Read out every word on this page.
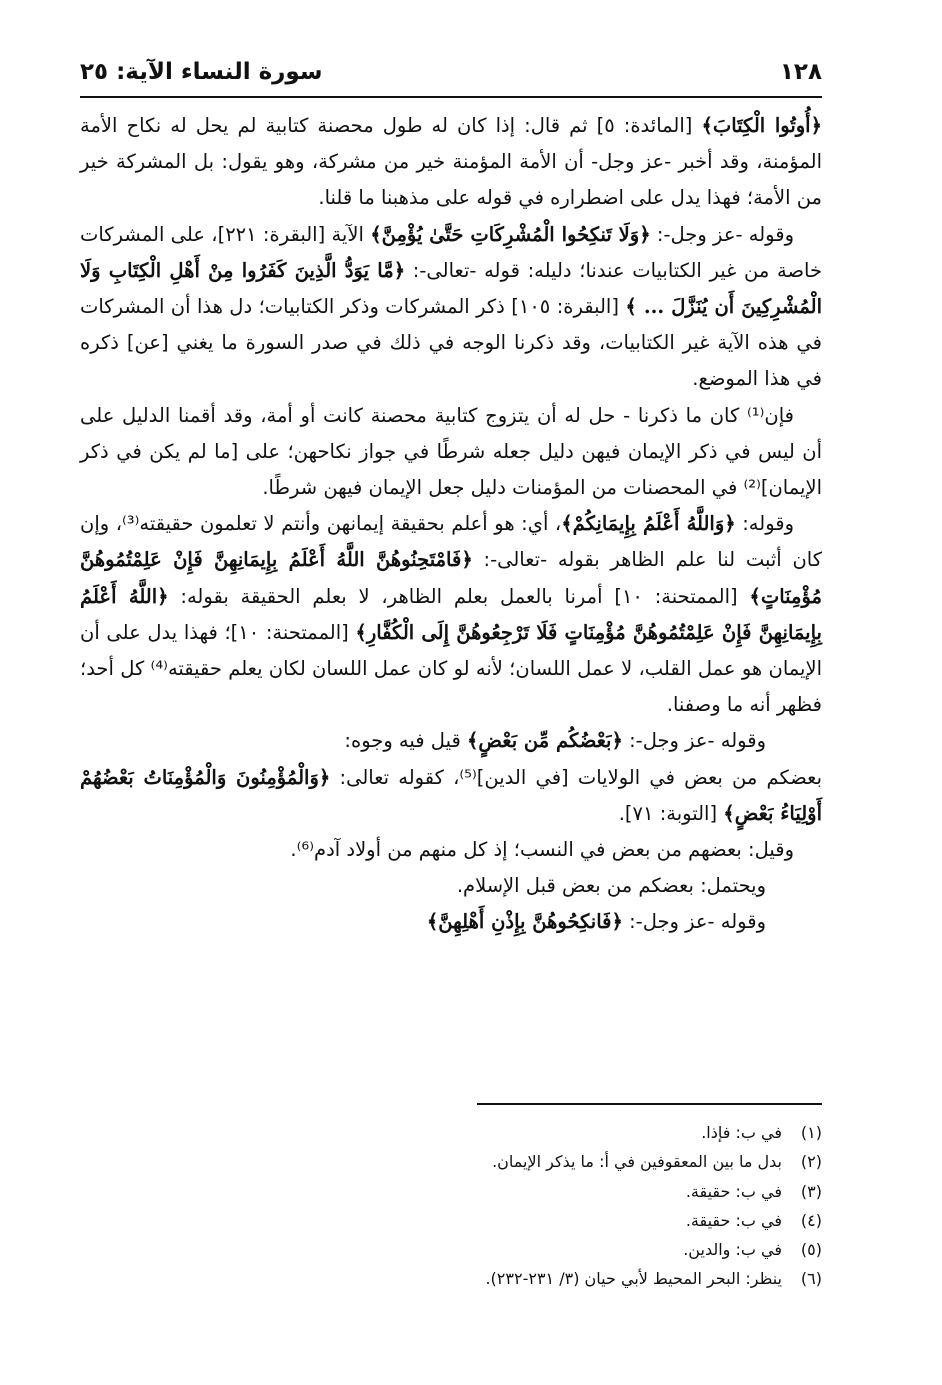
١٢٨
سورة النساء الآية: ٢٥

﴿أُوتُوا الْكِتَابَ﴾ [المائدة: ٥] ثم قال: إذا كان له طول محصنة كتابية لم يحل له نكاح الأمة المؤمنة، وقد أخبر -عز وجل- أن الأمة المؤمنة خير من مشركة، وهو يقول: بل المشركة خير من الأمة؛ فهذا يدل على اضطراره في قوله على مذهبنا ما قلنا.

وقوله -عز وجل-: ﴿وَلَا تَنكِحُوا الْمُشْرِكَاتِ حَتَّىٰ يُؤْمِنَّ﴾ الآية [البقرة: ٢٢١]، على المشركات خاصة من غير الكتابيات عندنا؛ دليله: قوله -تعالى-: ﴿مَّا يَوَدُّ الَّذِينَ كَفَرُوا مِنْ أَهْلِ الْكِتَابِ وَلَا الْمُشْرِكِينَ أَن يُنَزَّلَ ... ﴾ [البقرة: ١٠٥] ذكر المشركات وذكر الكتابيات؛ دل هذا أن المشركات في هذه الآية غير الكتابيات، وقد ذكرنا الوجه في ذلك في صدر السورة ما يغني [عن] ذكره في هذا الموضع.

فإن⁽¹⁾ كان ما ذكرنا - حل له أن يتزوج كتابية محصنة كانت أو أمة، وقد أقمنا الدليل على أن ليس في ذكر الإيمان فيهن دليل جعله شرطًا في جواز نكاحهن؛ على [ما لم يكن في ذكر الإيمان]⁽²⁾ في المحصنات من المؤمنات دليل جعل الإيمان فيهن شرطًا.

وقوله: ﴿وَاللَّهُ أَعْلَمُ بِإِيمَانِكُمْ﴾، أي: هو أعلم بحقيقة إيمانهن وأنتم لا تعلمون حقيقته⁽³⁾، وإن كان أثبت لنا علم الظاهر بقوله -تعالى-: ﴿فَامْتَحِنُوهُنَّ اللَّهُ أَعْلَمُ بِإِيمَانِهِنَّ فَإِنْ عَلِمْتُمُوهُنَّ مُؤْمِنَاتٍ﴾ [الممتحنة: ١٠] أمرنا بالعمل بعلم الظاهر، لا بعلم الحقيقة بقوله: ﴿اللَّهُ أَعْلَمُ بِإِيمَانِهِنَّ فَإِنْ عَلِمْتُمُوهُنَّ مُؤْمِنَاتٍ فَلَا تَرْجِعُوهُنَّ إِلَى الْكُفَّارِ﴾ [الممتحنة: ١٠]؛ فهذا يدل على أن الإيمان هو عمل القلب، لا عمل اللسان؛ لأنه لو كان عمل اللسان لكان يعلم حقيقته⁽⁴⁾ كل أحد؛ فظهر أنه ما وصفنا.

وقوله -عز وجل-: ﴿بَعْضُكُم مِّن بَعْضٍ﴾ قيل فيه وجوه:

بعضكم من بعض في الولايات [في الدين]⁽⁵⁾، كقوله تعالى: ﴿وَالْمُؤْمِنُونَ وَالْمُؤْمِنَاتُ بَعْضُهُمْ أَوْلِيَاءُ بَعْضٍ﴾ [التوبة: ٧١].

وقيل: بعضهم من بعض في النسب؛ إذ كل منهم من أولاد آدم⁽⁶⁾.

ويحتمل: بعضكم من بعض قبل الإسلام.

وقوله -عز وجل-: ﴿فَانكِحُوهُنَّ بِإِذْنِ أَهْلِهِنَّ﴾

(١)
في ب: فإذا.
(٢)
بدل ما بين المعقوفين في أ: ما يذكر الإيمان.
(٣)
في ب: حقيقة.
(٤)
في ب: حقيقة.
(٥)
في ب: والدين.
(٦)
ينظر: البحر المحيط لأبي حيان (٣/ ٢٣١-٢٣٢).
